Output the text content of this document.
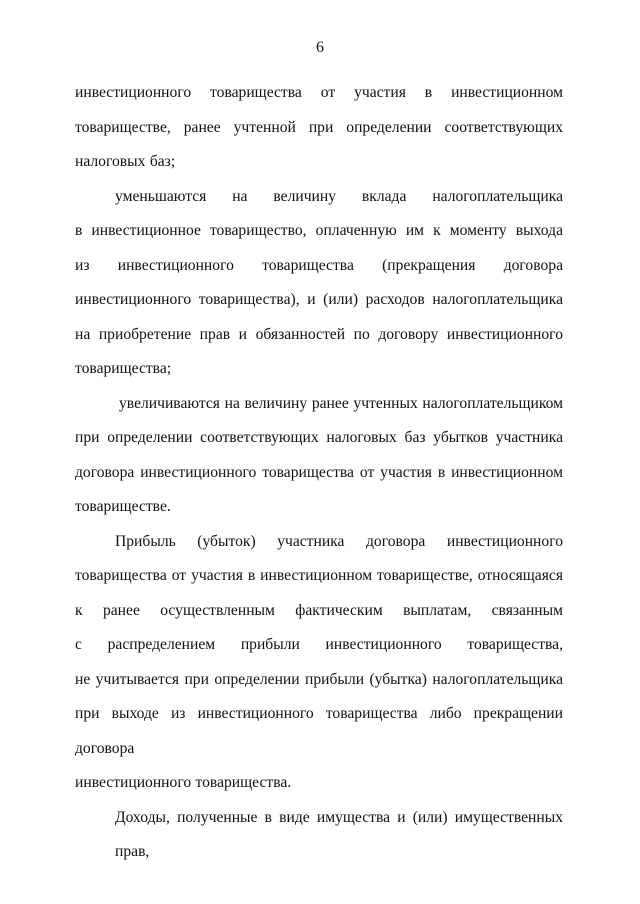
6

инвестиционного товарищества от участия в инвестиционном
товариществе, ранее учтенной при определении соответствующих
налоговых баз;

уменьшаются на величину вклада налогоплательщика
в инвестиционное товарищество, оплаченную им к моменту выхода
из инвестиционного товарищества (прекращения договора
инвестиционного товарищества), и (или) расходов налогоплательщика
на приобретение прав и обязанностей по договору инвестиционного
товарищества;

увеличиваются на величину ранее учтенных налогоплательщиком
при определении соответствующих налоговых баз убытков участника
договора инвестиционного товарищества от участия в инвестиционном
товариществе.

Прибыль (убыток) участника договора инвестиционного
товарищества от участия в инвестиционном товариществе, относящаяся
к ранее осуществленным фактическим выплатам, связанным
с распределением прибыли инвестиционного товарищества,
не учитывается при определении прибыли (убытка) налогоплательщика
при выходе из инвестиционного товарищества либо прекращении договора
инвестиционного товарищества.

Доходы, полученные в виде имущества и (или) имущественных прав,
